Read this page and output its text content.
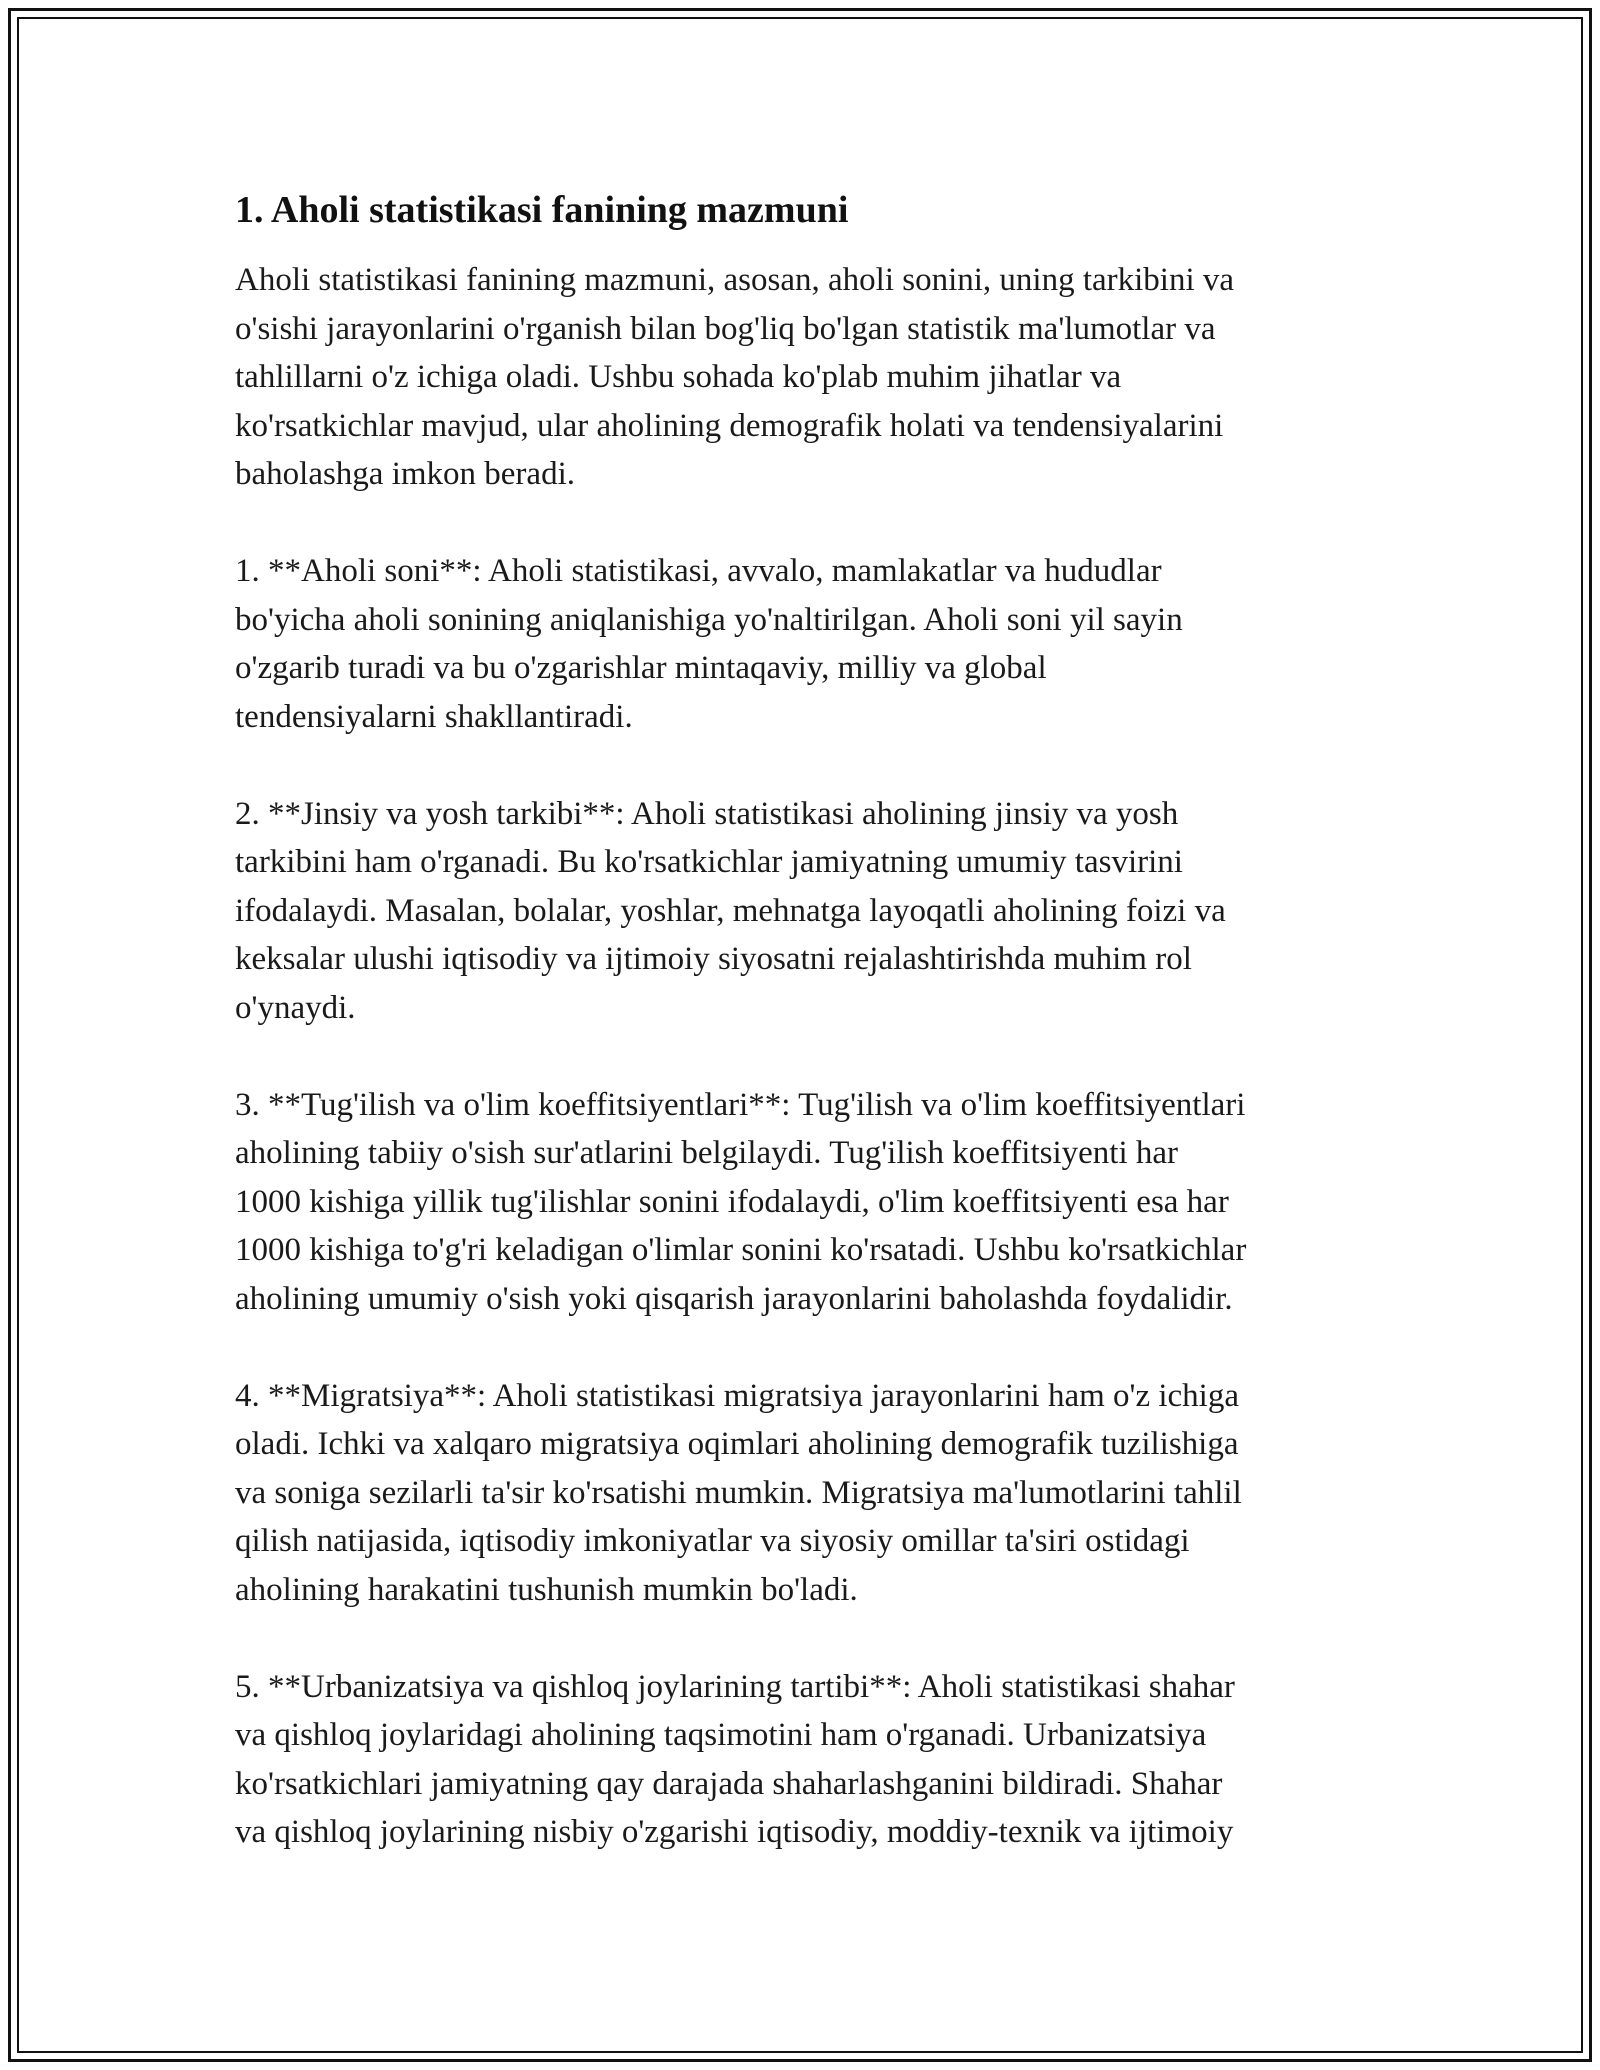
1. Aholi statistikasi fanining mazmuni

Aholi statistikasi fanining mazmuni, asosan, aholi sonini, uning tarkibini va
o'sishi jarayonlarini o'rganish bilan bog'liq bo'lgan statistik ma'lumotlar va
tahlillarni o'z ichiga oladi. Ushbu sohada ko'plab muhim jihatlar va
ko'rsatkichlar mavjud, ular aholining demografik holati va tendensiyalarini
baholashga imkon beradi.

1. **Aholi soni**: Aholi statistikasi, avvalo, mamlakatlar va hududlar
bo'yicha aholi sonining aniqlanishiga yo'naltirilgan. Aholi soni yil sayin
o'zgarib turadi va bu o'zgarishlar mintaqaviy, milliy va global
tendensiyalarni shakllantiradi.

2. **Jinsiy va yosh tarkibi**: Aholi statistikasi aholining jinsiy va yosh
tarkibini ham o'rganadi. Bu ko'rsatkichlar jamiyatning umumiy tasvirini
ifodalaydi. Masalan, bolalar, yoshlar, mehnatga layoqatli aholining foizi va
keksalar ulushi iqtisodiy va ijtimoiy siyosatni rejalashtirishda muhim rol
o'ynaydi.

3. **Tug'ilish va o'lim koeffitsiyentlari**: Tug'ilish va o'lim koeffitsiyentlari
aholining tabiiy o'sish sur'atlarini belgilaydi. Tug'ilish koeffitsiyenti har
1000 kishiga yillik tug'ilishlar sonini ifodalaydi, o'lim koeffitsiyenti esa har
1000 kishiga to'g'ri keladigan o'limlar sonini ko'rsatadi. Ushbu ko'rsatkichlar
aholining umumiy o'sish yoki qisqarish jarayonlarini baholashda foydalidir.

4. **Migratsiya**: Aholi statistikasi migratsiya jarayonlarini ham o'z ichiga
oladi. Ichki va xalqaro migratsiya oqimlari aholining demografik tuzilishiga
va soniga sezilarli ta'sir ko'rsatishi mumkin. Migratsiya ma'lumotlarini tahlil
qilish natijasida, iqtisodiy imkoniyatlar va siyosiy omillar ta'siri ostidagi
aholining harakatini tushunish mumkin bo'ladi.

5. **Urbanizatsiya va qishloq joylarining tartibi**: Aholi statistikasi shahar
va qishloq joylaridagi aholining taqsimotini ham o'rganadi. Urbanizatsiya
ko'rsatkichlari jamiyatning qay darajada shaharlashganini bildiradi. Shahar
va qishloq joylarining nisbiy o'zgarishi iqtisodiy, moddiy-texnik va ijtimoiy
